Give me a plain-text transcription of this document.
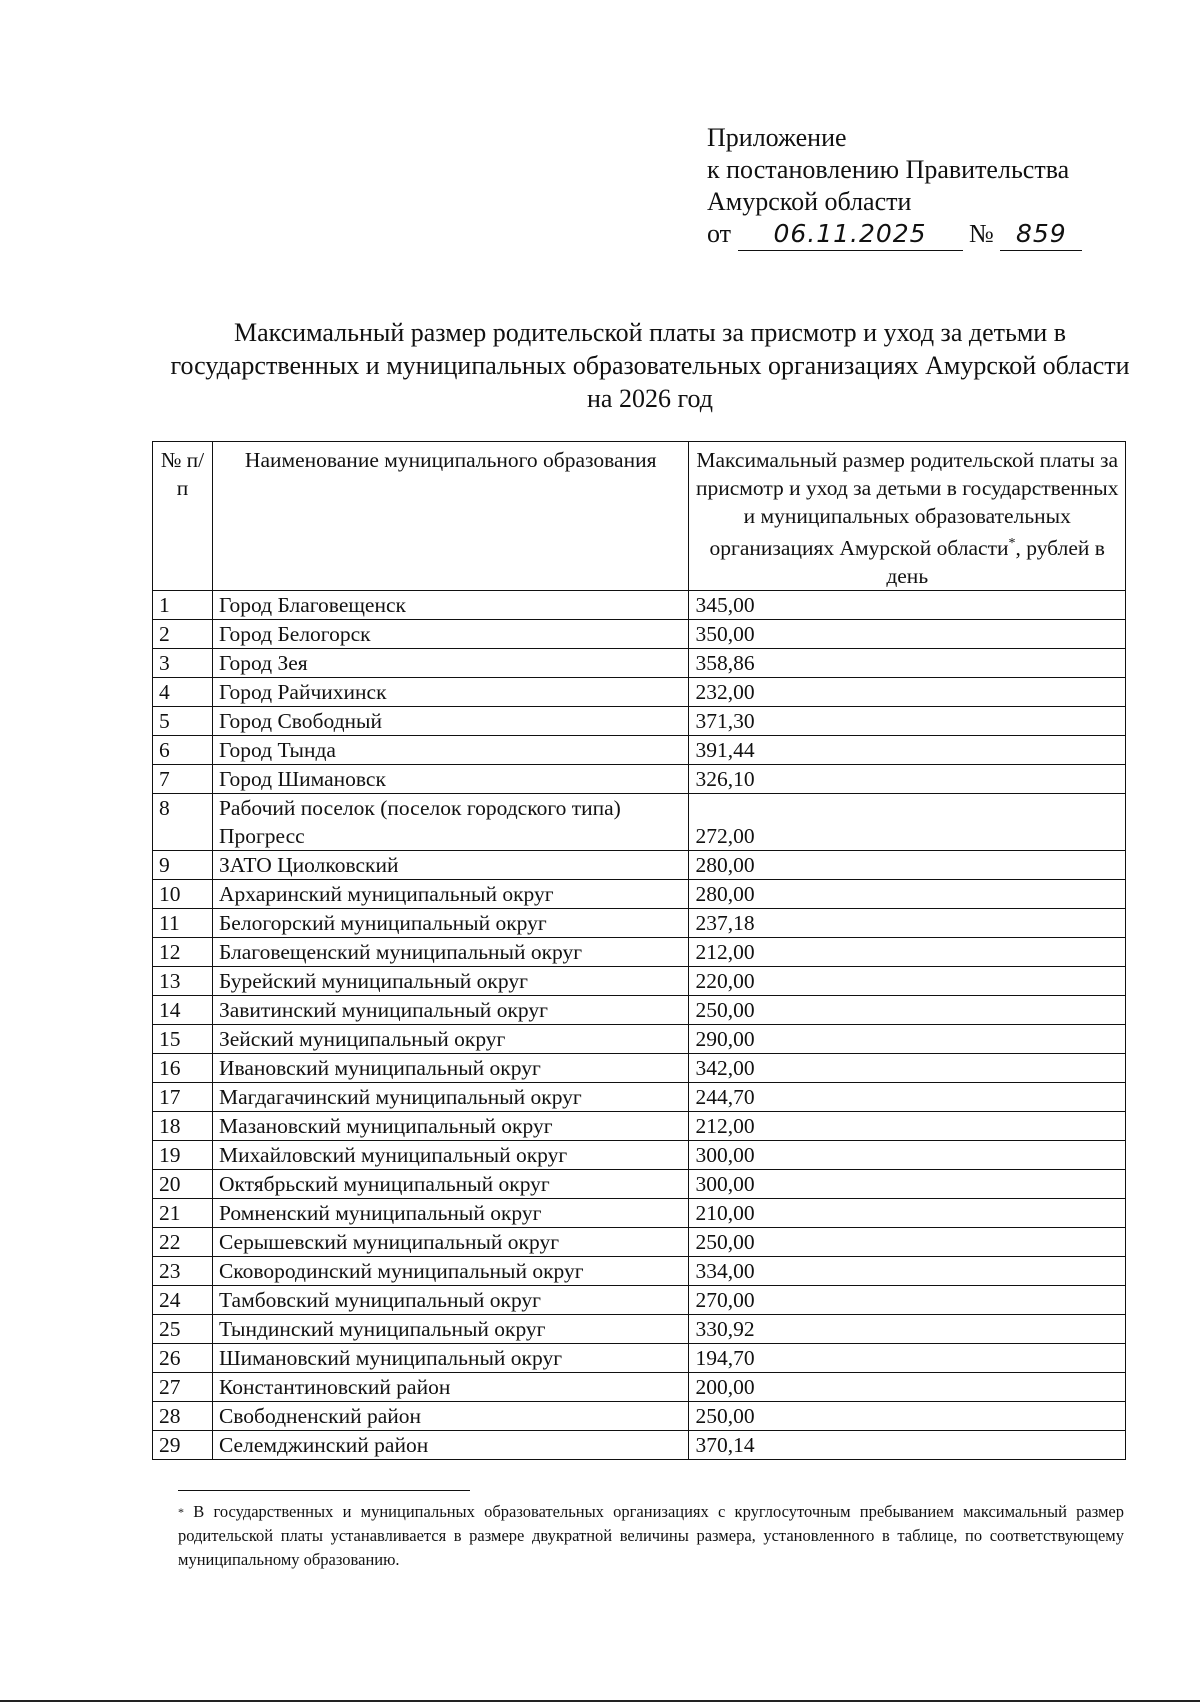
Приложение
к постановлению Правительства
Амурской области
от 06.11.2025 № 859
Максимальный размер родительской платы за присмотр и уход за детьми в государственных и муниципальных образовательных организациях Амурской области на 2026 год
№ п/п	Наименование муниципального образования	Максимальный размер родительской платы за присмотр и уход за детьми в государственных и муниципальных образовательных организациях Амурской области*, рублей в день
1	Город Благовещенск	345,00
2	Город Белогорск	350,00
3	Город Зея	358,86
4	Город Райчихинск	232,00
5	Город Свободный	371,30
6	Город Тында	391,44
7	Город Шимановск	326,10
8	Рабочий поселок (поселок городского типа) Прогресс	272,00
9	ЗАТО Циолковский	280,00
10	Архаринский муниципальный округ	280,00
11	Белогорский муниципальный округ	237,18
12	Благовещенский муниципальный округ	212,00
13	Бурейский муниципальный округ	220,00
14	Завитинский муниципальный округ	250,00
15	Зейский муниципальный округ	290,00
16	Ивановский муниципальный округ	342,00
17	Магдагачинский муниципальный округ	244,70
18	Мазановский муниципальный округ	212,00
19	Михайловский муниципальный округ	300,00
20	Октябрьский муниципальный округ	300,00
21	Ромненский муниципальный округ	210,00
22	Серышевский муниципальный округ	250,00
23	Сковородинский муниципальный округ	334,00
24	Тамбовский муниципальный округ	270,00
25	Тындинский муниципальный округ	330,92
26	Шимановский муниципальный округ	194,70
27	Константиновский район	200,00
28	Свободненский район	250,00
29	Селемджинский район	370,14
* В государственных и муниципальных образовательных организациях с круглосуточным пребыванием максимальный размер родительской платы устанавливается в размере двукратной величины размера, установленного в таблице, по соответствующему муниципальному образованию.
